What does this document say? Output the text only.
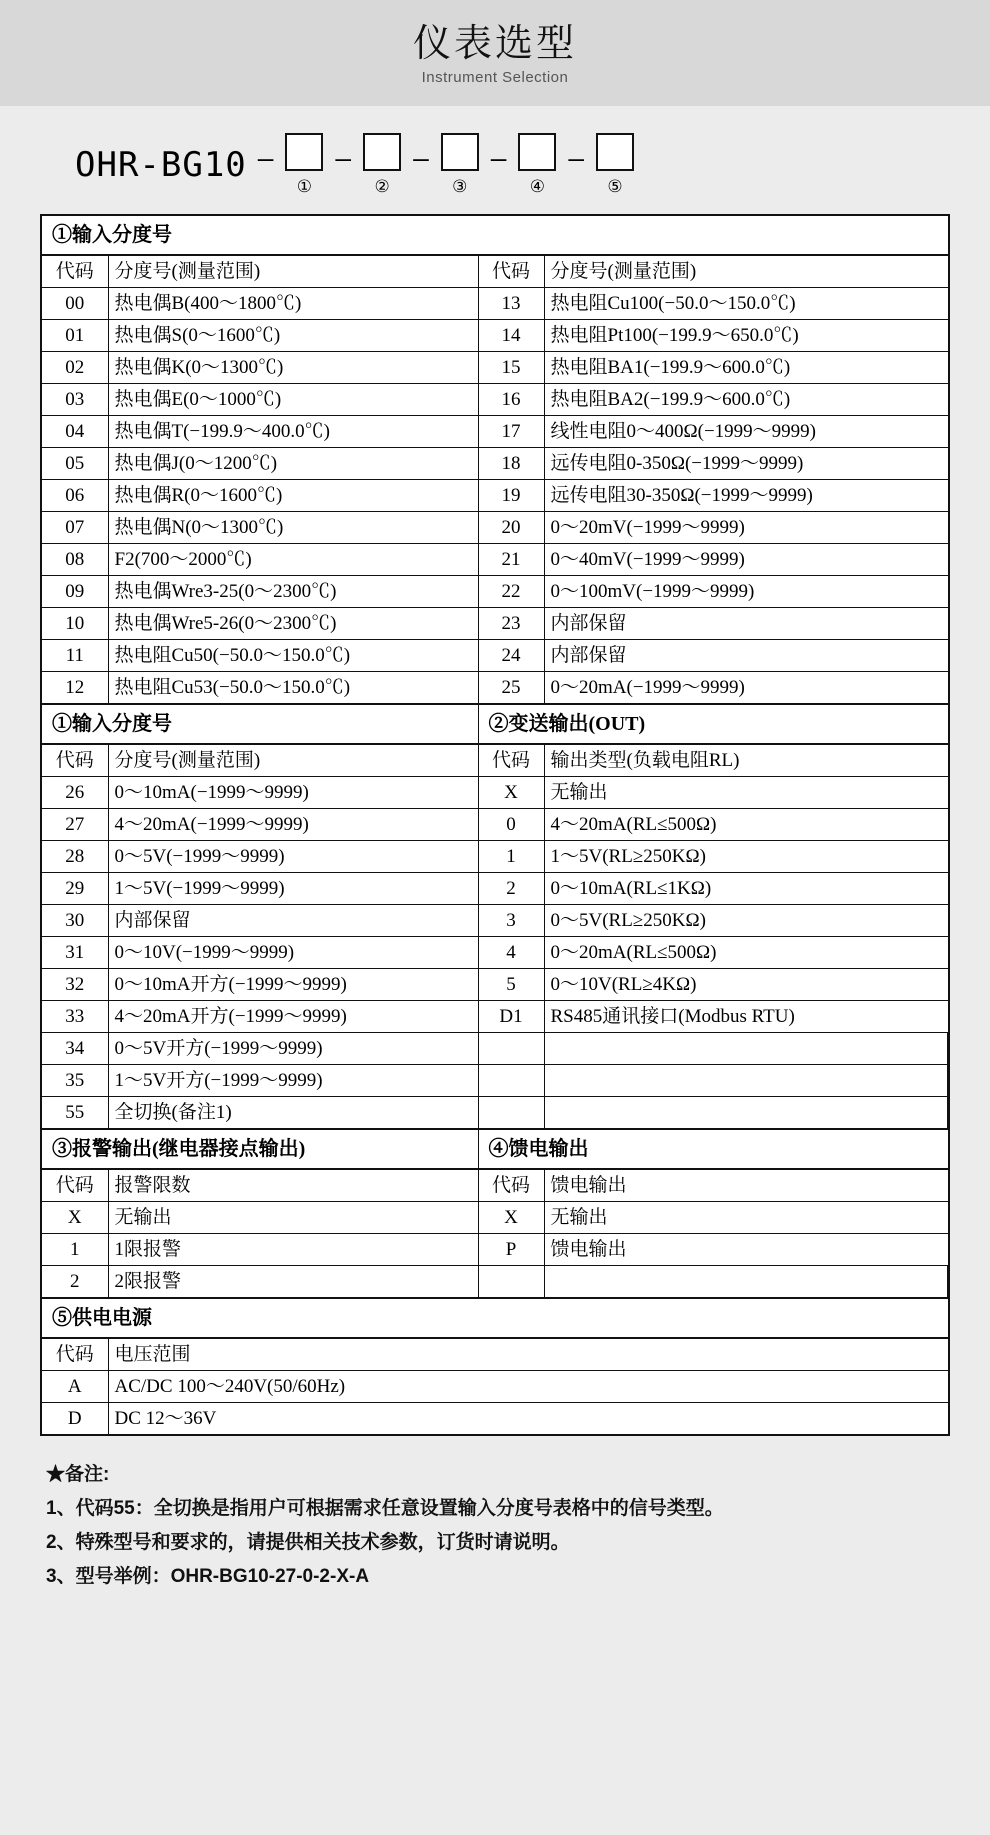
仪表选型
Instrument Selection
OHR-BG10 —
①
—
②
—
③
—
④
—
⑤
①输入分度号
代码	分度号(测量范围)	代码	分度号(测量范围)
00	热电偶B(400～1800℃)	13	热电阻Cu100(−50.0～150.0℃)
01	热电偶S(0～1600℃)	14	热电阻Pt100(−199.9～650.0℃)
02	热电偶K(0～1300℃)	15	热电阻BA1(−199.9～600.0℃)
03	热电偶E(0～1000℃)	16	热电阻BA2(−199.9～600.0℃)
04	热电偶T(−199.9～400.0℃)	17	线性电阻0～400Ω(−1999～9999)
05	热电偶J(0～1200℃)	18	远传电阻0-350Ω(−1999～9999)
06	热电偶R(0～1600℃)	19	远传电阻30-350Ω(−1999～9999)
07	热电偶N(0～1300℃)	20	0～20mV(−1999～9999)
08	F2(700～2000℃)	21	0～40mV(−1999～9999)
09	热电偶Wre3-25(0～2300℃)	22	0～100mV(−1999～9999)
10	热电偶Wre5-26(0～2300℃)	23	内部保留
11	热电阻Cu50(−50.0～150.0℃)	24	内部保留
12	热电阻Cu53(−50.0～150.0℃)	25	0～20mA(−1999～9999)
①输入分度号	②变送输出(OUT)
代码	分度号(测量范围)	代码	输出类型(负载电阻RL)
26	0～10mA(−1999～9999)	X	无输出
27	4～20mA(−1999～9999)	0	4～20mA(RL≤500Ω)
28	0～5V(−1999～9999)	1	1～5V(RL≥250KΩ)
29	1～5V(−1999～9999)	2	0～10mA(RL≤1KΩ)
30	内部保留	3	0～5V(RL≥250KΩ)
31	0～10V(−1999～9999)	4	0～20mA(RL≤500Ω)
32	0～10mA开方(−1999～9999)	5	0～10V(RL≥4KΩ)
33	4～20mA开方(−1999～9999)	D1	RS485通讯接口(Modbus RTU)
34	0～5V开方(−1999～9999)		
35	1～5V开方(−1999～9999)		
55	全切换(备注1)		
③报警输出(继电器接点输出)	④馈电输出
代码	报警限数	代码	馈电输出
X	无输出	X	无输出
1	1限报警	P	馈电输出
2	2限报警		
⑤供电电源
代码	电压范围
A	AC/DC 100～240V(50/60Hz)
D	DC 12～36V
★备注:
1、代码55：全切换是指用户可根据需求任意设置输入分度号表格中的信号类型。
2、特殊型号和要求的，请提供相关技术参数，订货时请说明。
3、型号举例：OHR-BG10-27-0-2-X-A
